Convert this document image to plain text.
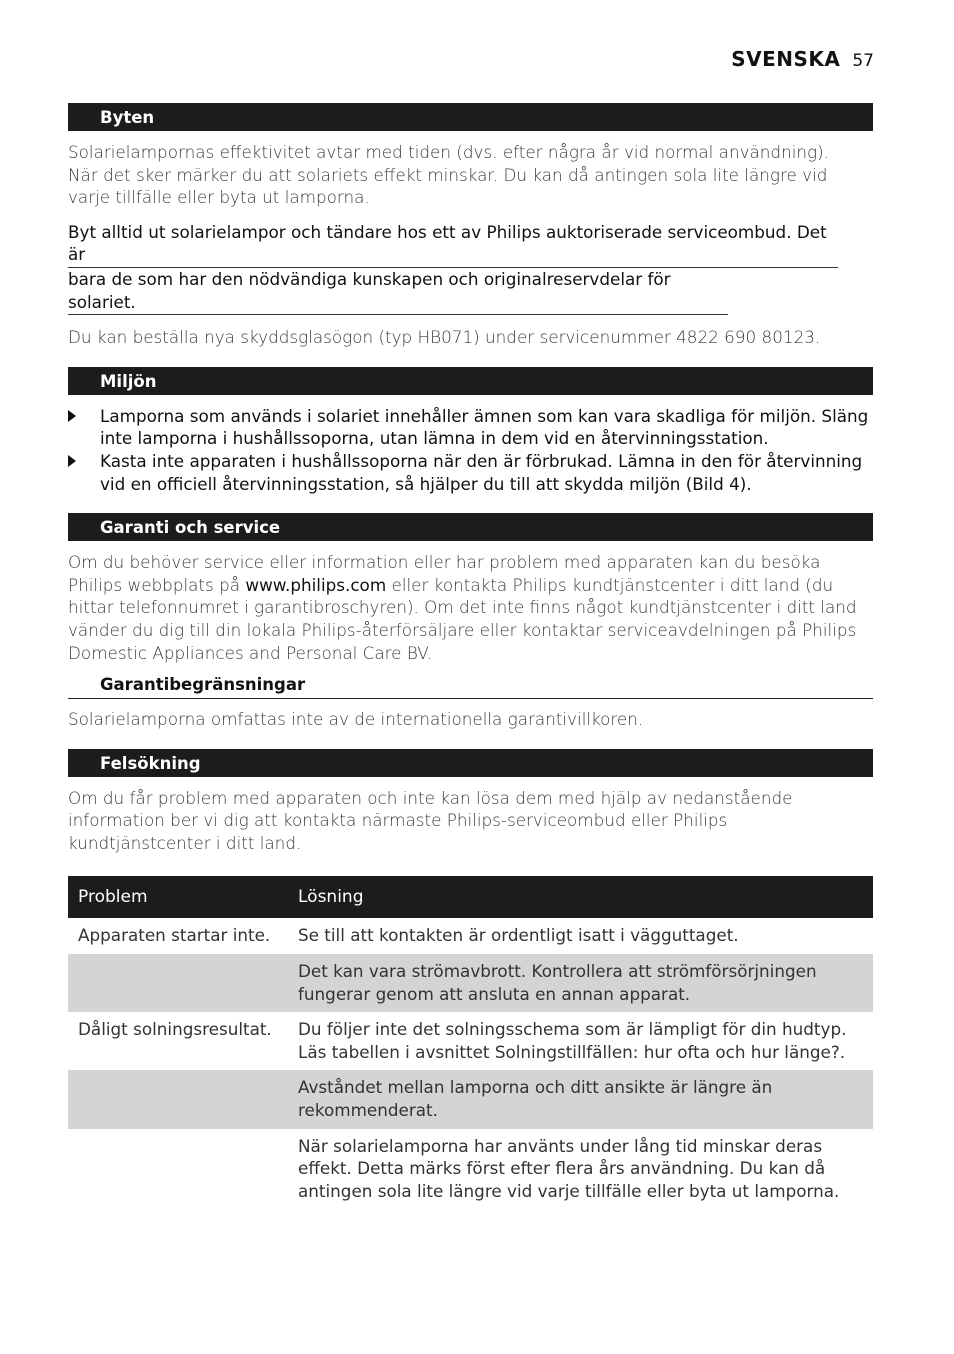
SVENSKA 57
Byten

Solarielampornas effektivitet avtar med tiden (dvs. efter några år vid normal användning). När det sker märker du att solariets effekt minskar. Du kan då antingen sola lite längre vid varje tillfälle eller byta ut lamporna.

Byt alltid ut solarielampor och tändare hos ett av Philips auktoriserade serviceombud. Det är
bara de som har den nödvändiga kunskapen och originalreservdelar för solariet.

Du kan beställa nya skyddsglasögon (typ HB071) under servicenummer 4822 690 80123.

Miljön
Lamporna som används i solariet innehåller ämnen som kan vara skadliga för miljön. Släng inte lamporna i hushållssoporna, utan lämna in dem vid en återvinningsstation.
Kasta inte apparaten i hushållssoporna när den är förbrukad. Lämna in den för återvinning vid en officiell återvinningsstation, så hjälper du till att skydda miljön (Bild 4).
Garanti och service

Om du behöver service eller information eller har problem med apparaten kan du besöka Philips webbplats på www.philips.com eller kontakta Philips kundtjänstcenter i ditt land (du hittar telefonnumret i garantibroschyren). Om det inte finns något kundtjänstcenter i ditt land vänder du dig till din lokala Philips-återförsäljare eller kontaktar serviceavdelningen på Philips Domestic Appliances and Personal Care BV.

Garantibegränsningar

Solarielamporna omfattas inte av de internationella garantivillkoren.

Felsökning

Om du får problem med apparaten och inte kan lösa dem med hjälp av nedanstående information ber vi dig att kontakta närmaste Philips-serviceombud eller Philips kundtjänstcenter i ditt land.

Problem	Lösning
Apparaten startar inte.	Se till att kontakten är ordentligt isatt i vägguttaget.
	Det kan vara strömavbrott. Kontrollera att strömförsörjningen fungerar genom att ansluta en annan apparat.
Dåligt solningsresultat.	Du följer inte det solningsschema som är lämpligt för din hudtyp. Läs tabellen i avsnittet Solningstillfällen: hur ofta och hur länge?.
	Avståndet mellan lamporna och ditt ansikte är längre än rekommenderat.
	När solarielamporna har använts under lång tid minskar deras effekt. Detta märks först efter flera års användning. Du kan då antingen sola lite längre vid varje tillfälle eller byta ut lamporna.
